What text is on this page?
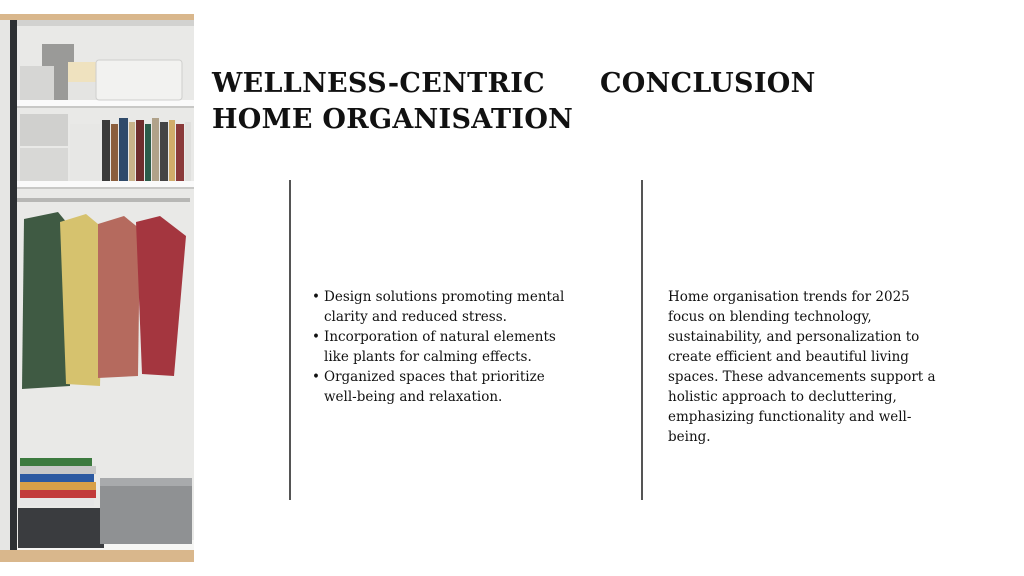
WELLNESS-CENTRIC HOME ORGANISATION
CONCLUSION
• Design solutions promoting mental clarity and reduced stress.
• Incorporation of natural elements like plants for calming effects.
• Organized spaces that prioritize well-being and relaxation.

Home organisation trends for 2025 focus on blending technology, sustainability, and personalization to create efficient and beautiful living spaces. These advancements support a holistic approach to decluttering, emphasizing functionality and well-being.
